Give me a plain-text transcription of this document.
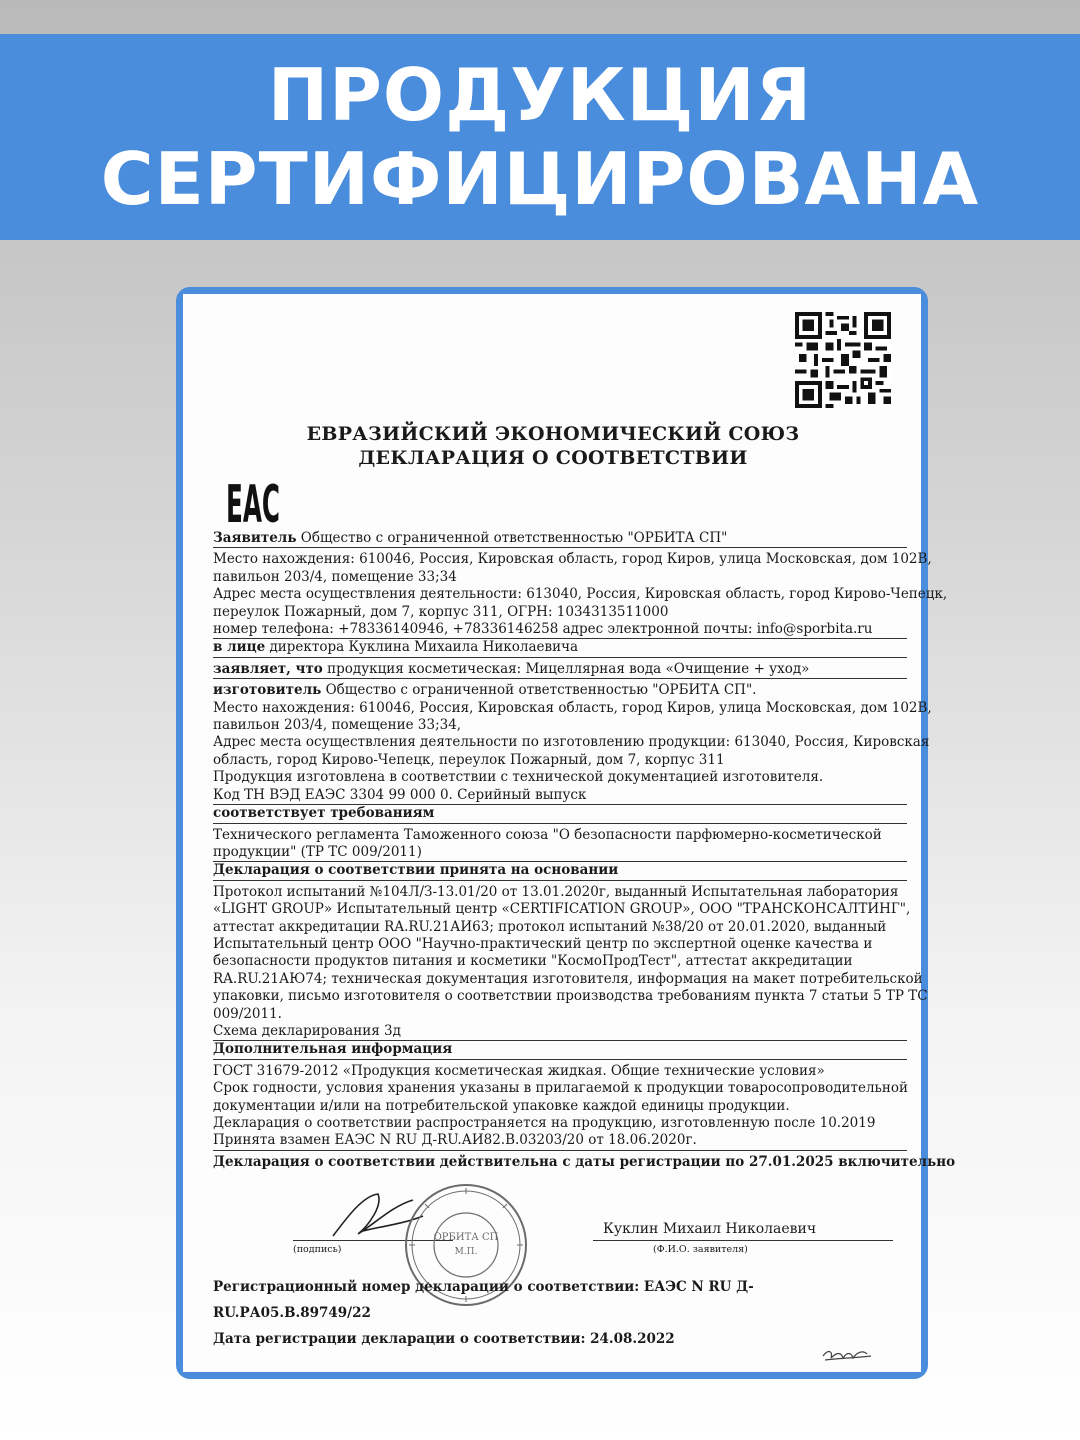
ПРОДУКЦИЯ
СЕРТИФИЦИРОВАНА
ЕВРАЗИЙСКИЙ ЭКОНОМИЧЕСКИЙ СОЮЗ
ДЕКЛАРАЦИЯ О СООТВЕТСТВИИ
EAC

Заявитель Общество с ограниченной ответственностью "ОРБИТА СП"

Место нахождения: 610046, Россия, Кировская область, город Киров, улица Московская, дом 102В,

павильон 203/4, помещение 33;34

Адрес места осуществления деятельности: 613040, Россия, Кировская область, город Кирово-Чепецк,

переулок Пожарный, дом 7, корпус 311, ОГРН: 1034313511000

номер телефона: +78336140946, +78336146258 адрес электронной почты: info@sporbita.ru

в лице директора Куклина Михаила Николаевича

заявляет, что продукция косметическая: Мицеллярная вода «Очищение + уход»

изготовитель Общество с ограниченной ответственностью "ОРБИТА СП".

Место нахождения: 610046, Россия, Кировская область, город Киров, улица Московская, дом 102В,

павильон 203/4, помещение 33;34,

Адрес места осуществления деятельности по изготовлению продукции: 613040, Россия, Кировская

область, город Кирово-Чепецк, переулок Пожарный, дом 7, корпус 311

Продукция изготовлена в соответствии с технической документацией изготовителя.

Код ТН ВЭД ЕАЭС 3304 99 000 0. Серийный выпуск

соответствует требованиям

Технического регламента Таможенного союза "О безопасности парфюмерно-косметической

продукции" (ТР ТС 009/2011)

Декларация о соответствии принята на основании

Протокол испытаний №104Л/З-13.01/20 от 13.01.2020г, выданный Испытательная лаборатория

«LIGHT GROUP» Испытательный центр «CERTIFICATION GROUP», ООО "ТРАНСКОНСАЛТИНГ",

аттестат аккредитации RA.RU.21АИ63; протокол испытаний №38/20 от 20.01.2020, выданный

Испытательный центр ООО "Научно-практический центр по экспертной оценке качества и

безопасности продуктов питания и косметики "КосмоПродТест", аттестат аккредитации

RA.RU.21АЮ74; техническая документация изготовителя, информация на макет потребительской

упаковки, письмо изготовителя о соответствии производства требованиям пункта 7 статьи 5 ТР ТС

009/2011.

Схема декларирования 3д

Дополнительная информация

ГОСТ 31679-2012 «Продукция косметическая жидкая. Общие технические условия»

Срок годности, условия хранения указаны в прилагаемой к продукции товаросопроводительной

документации и/или на потребительской упаковке каждой единицы продукции.

Декларация о соответствии распространяется на продукцию, изготовленную после 10.2019

Принята взамен ЕАЭС N RU Д-RU.АИ82.В.03203/20 от 18.06.2020г.

Декларация о соответствии действительна с даты регистрации по 27.01.2025 включительно

(подпись)
Куклин Михаил Николаевич
(Ф.И.О. заявителя)
ОРБИТА СП
М.П.

Регистрационный номер декларации о соответствии: ЕАЭС N RU Д-RU.РА05.В.89749/22

Дата регистрации декларации о соответствии: 24.08.2022
